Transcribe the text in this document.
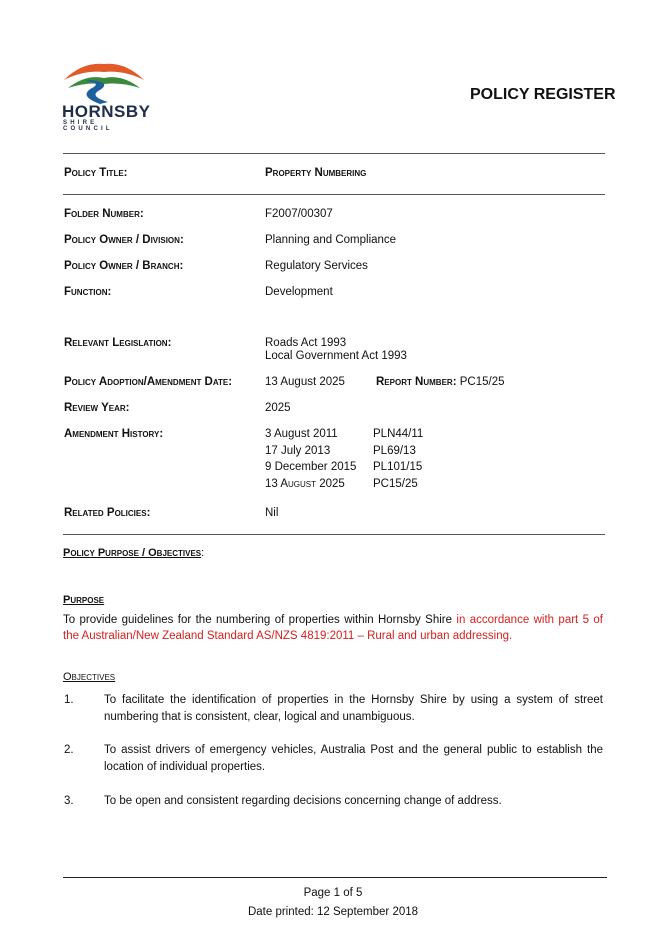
HORNSBY
SHIRE COUNCIL
POLICY REGISTER
Policy Title:	Property Numbering
Folder Number:	F2007/00307
Policy Owner / Division:	Planning and Compliance
Policy Owner / Branch:	Regulatory Services
Function:	Development
Relevant Legislation:	Roads Act 1993
Local Government Act 1993
Policy Adoption/Amendment Date:	13 August 2025	Report Number: PC15/25
Review Year:	2025
Amendment History:	3 August 2011	PLN44/11
17 July 2013	PL69/13
9 December 2015 PL101/15
13 August 2025 PC15/25
Related Policies:	Nil
Policy Purpose / Objectives:
Purpose
To provide guidelines for the numbering of properties within Hornsby Shire in accordance with part 5 of the Australian/New Zealand Standard AS/NZS 4819:2011 – Rural and urban addressing.
Objectives
1.	To facilitate the identification of properties in the Hornsby Shire by using a system of street numbering that is consistent, clear, logical and unambiguous.
2.	To assist drivers of emergency vehicles, Australia Post and the general public to establish the location of individual properties.
3.	To be open and consistent regarding decisions concerning change of address.
Page 1 of 5
Date printed: 12 September 2018
